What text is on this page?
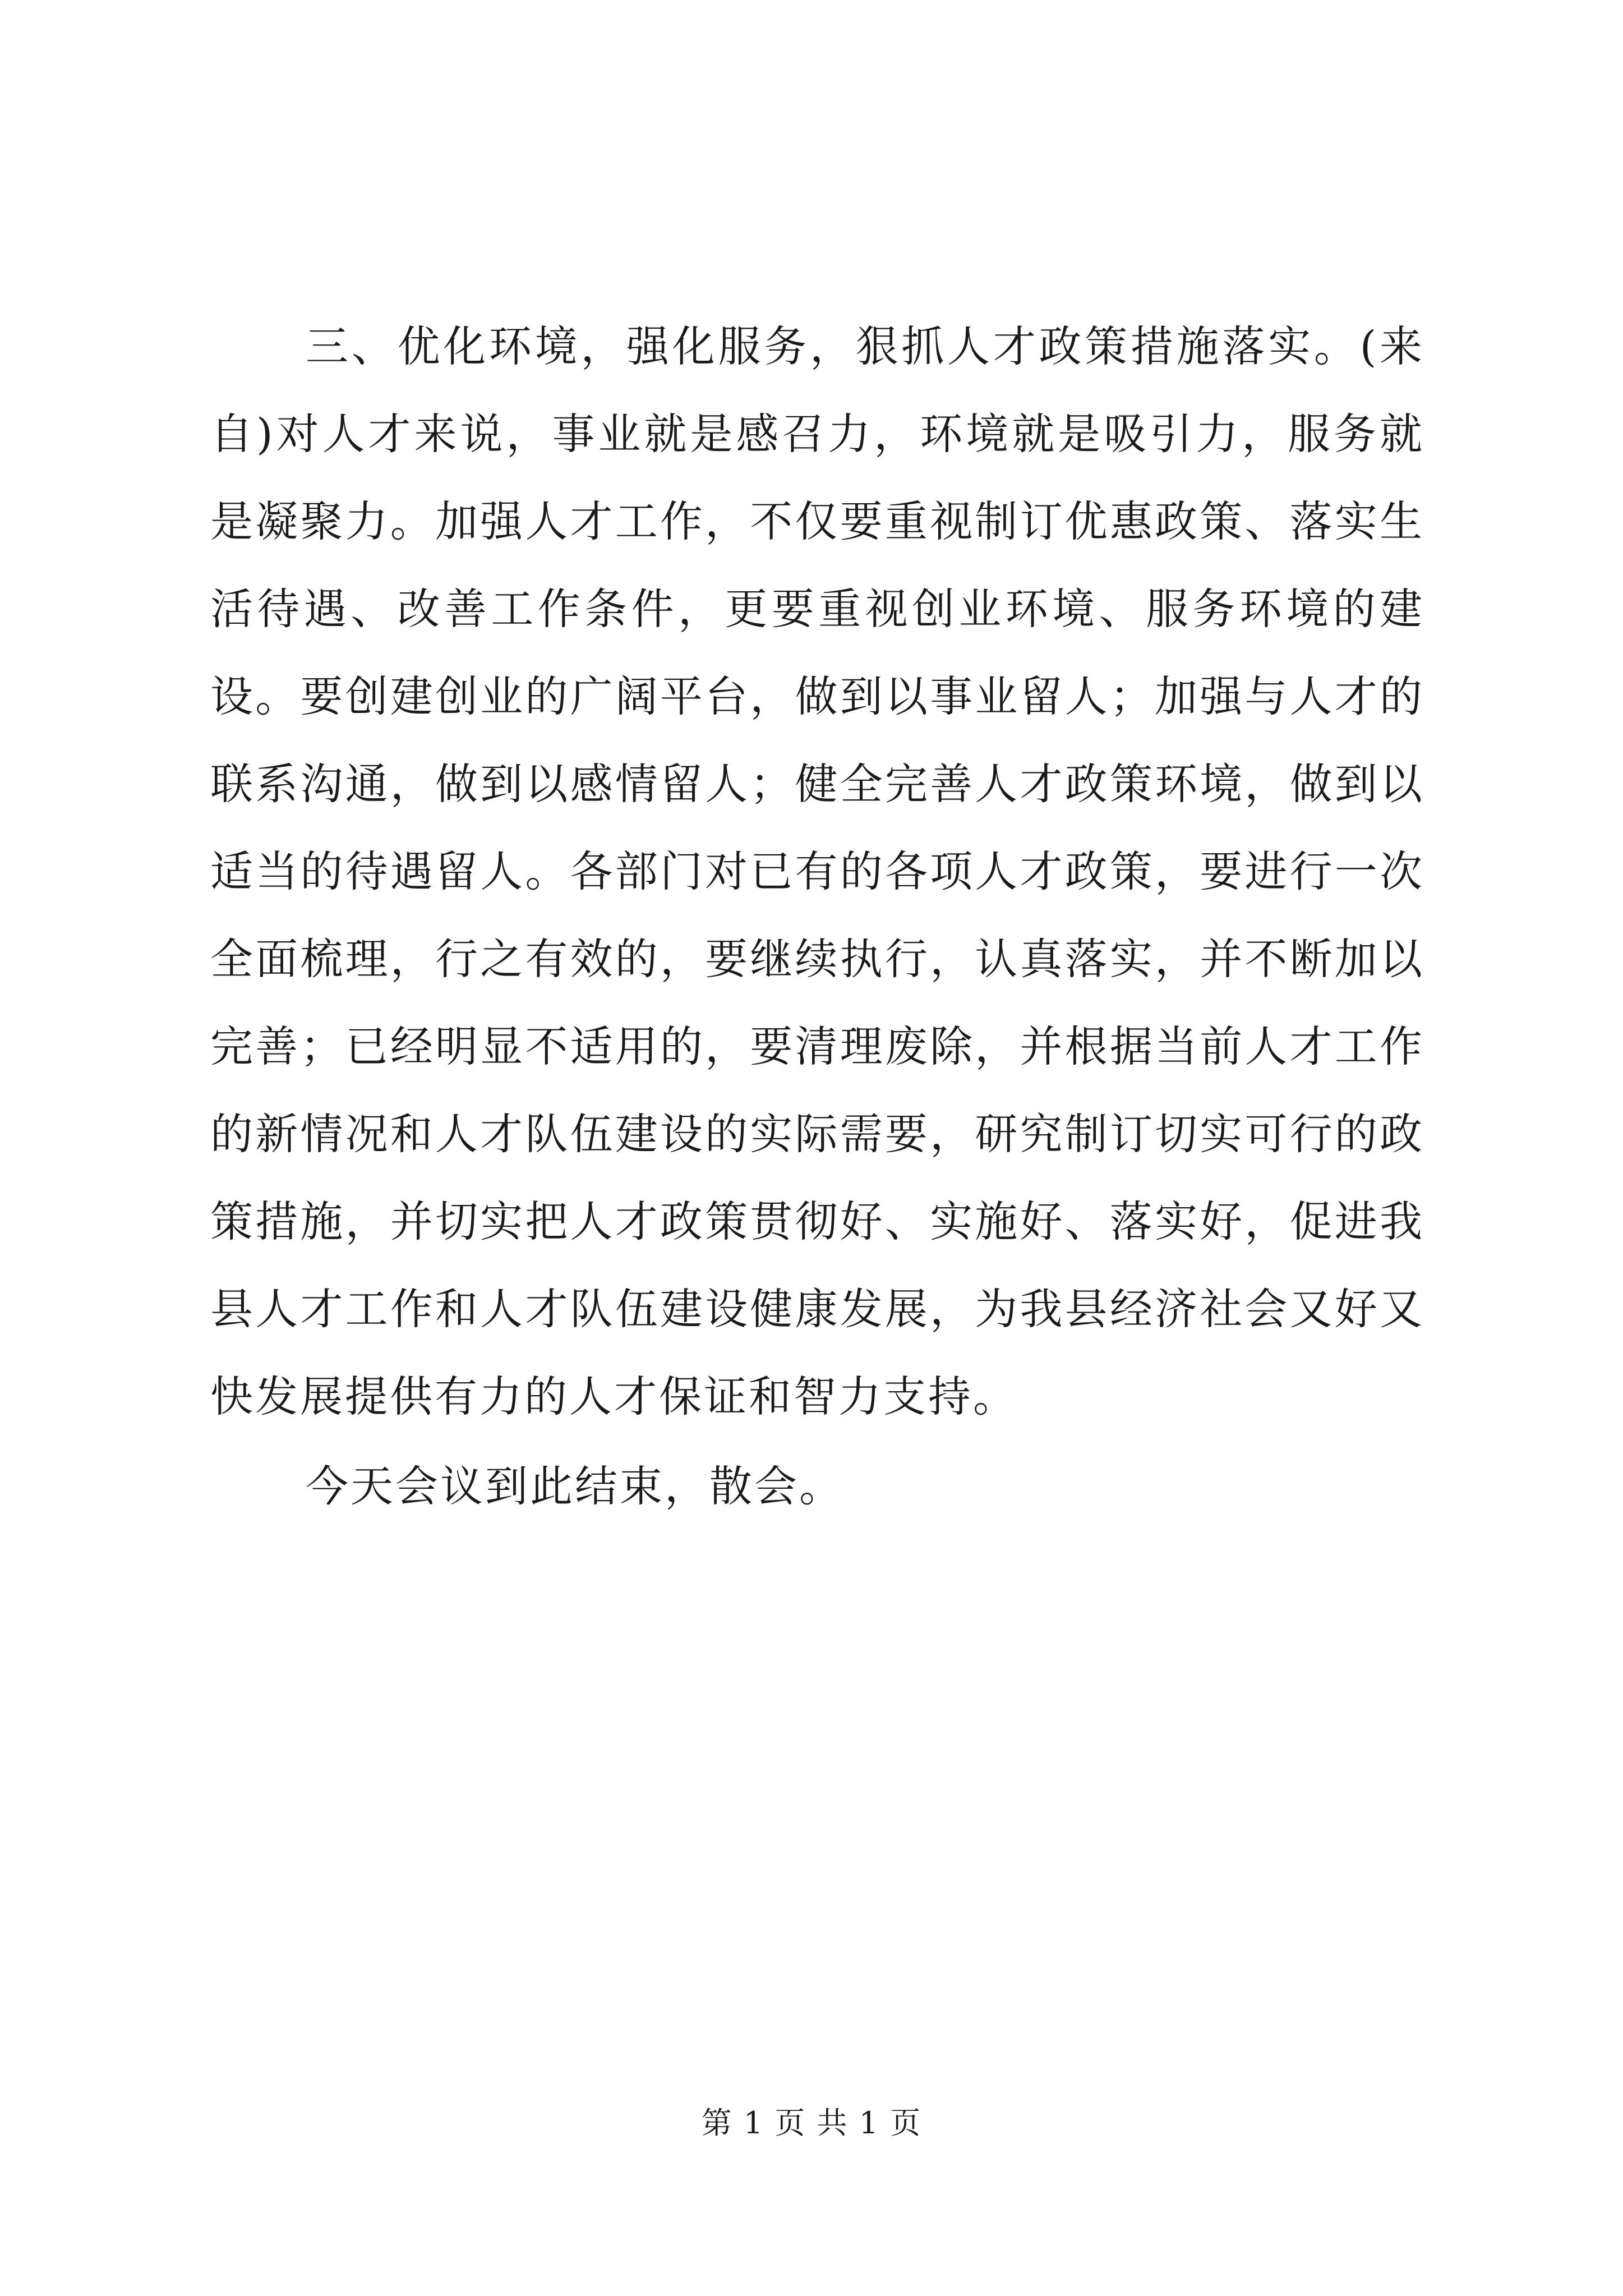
三、优化环境，强化服务，狠抓人才政策措施落实。(来自)对人才来说，事业就是感召力，环境就是吸引力，服务就是凝聚力。加强人才工作，不仅要重视制订优惠政策、落实生活待遇、改善工作条件，更要重视创业环境、服务环境的建设。要创建创业的广阔平台，做到以事业留人；加强与人才的联系沟通，做到以感情留人；健全完善人才政策环境，做到以适当的待遇留人。各部门对已有的各项人才政策，要进行一次全面梳理，行之有效的，要继续执行，认真落实，并不断加以完善；已经明显不适用的，要清理废除，并根据当前人才工作的新情况和人才队伍建设的实际需要，研究制订切实可行的政策措施，并切实把人才政策贯彻好、实施好、落实好，促进我县人才工作和人才队伍建设健康发展，为我县经济社会又好又快发展提供有力的人才保证和智力支持。

今天会议到此结束，散会。

第 1 页 共 1 页
